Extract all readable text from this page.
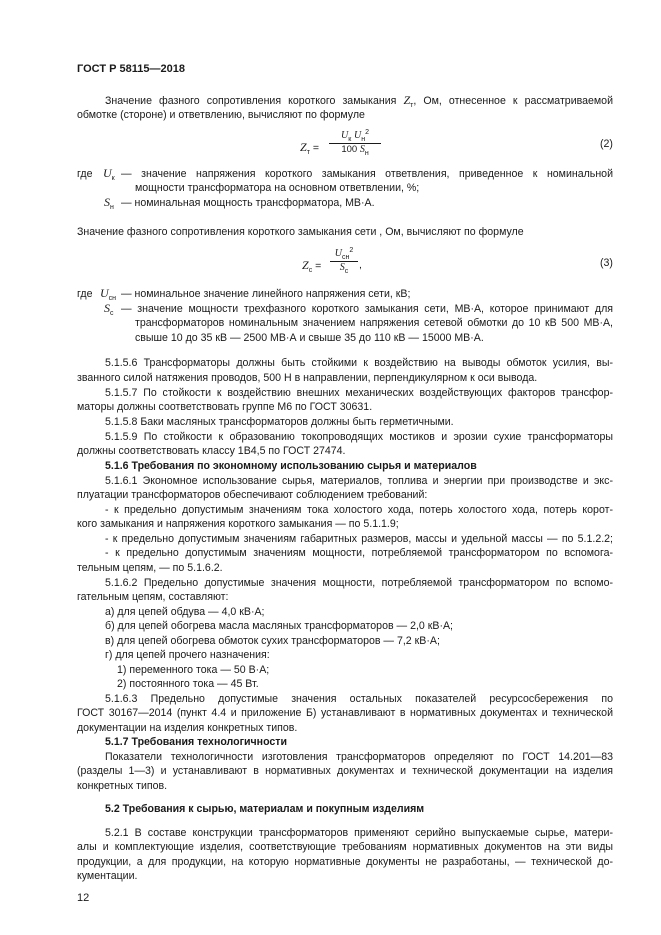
ГОСТ Р 58115—2018
Значение фазного сопротивления короткого замыкания $Z_т$, Ом, отнесенное к рассматриваемой
обмотке (стороне) и ответвлению, вычисляют по формуле
$Z_т$ =
$U_к$ $U_н^2$
100 $S_н$
(2)
где $U_к$ — значение напряжения короткого замыкания ответвления, приведенное к номинальной
мощности трансформатора на основном ответвлении, %;
$S_н$ — номинальная мощность трансформатора, МВ·А.
Значение фазного сопротивления короткого замыкания сети , Ом, вычисляют по формуле
$Z_с$ =
$U_{сн}^2$
$S_с$
,	(3)
где $U_{сн}$ — номинальное значение линейного напряжения сети, кВ;
$S_с$ — значение мощности трехфазного короткого замыкания сети, МВ·А, которое принимают для
трансформаторов номинальным значением напряжения сетевой обмотки до 10 кВ 500 МВ·А,
свыше 10 до 35 кВ — 2500 МВ·А и свыше 35 до 110 кВ — 15000 МВ·А.
5.1.5.6 Трансформаторы должны быть стойкими к воздействию на выводы обмоток усилия, вы-
званного силой натяжения проводов, 500 Н в направлении, перпендикулярном к оси вывода.
5.1.5.7 По стойкости к воздействию внешних механических воздействующих факторов трансфор-
маторы должны соответствовать группе М6 по ГОСТ 30631.
5.1.5.8 Баки масляных трансформаторов должны быть герметичными.
5.1.5.9 По стойкости к образованию токопроводящих мостиков и эрозии сухие трансформаторы
должны соответствовать классу 1В4,5 по ГОСТ 27474.
5.1.6 Требования по экономному использованию сырья и материалов
5.1.6.1 Экономное использование сырья, материалов, топлива и энергии при производстве и экс-
плуатации трансформаторов обеспечивают соблюдением требований:
- к предельно допустимым значениям тока холостого хода, потерь холостого хода, потерь корот-
кого замыкания и напряжения короткого замыкания — по 5.1.1.9;
- к предельно допустимым значениям габаритных размеров, массы и удельной массы — по 5.1.2.2;
- к предельно допустимым значениям мощности, потребляемой трансформатором по вспомога-
тельным цепям, — по 5.1.6.2.
5.1.6.2 Предельно допустимые значения мощности, потребляемой трансформатором по вспомо-
гательным цепям, составляют:
а) для цепей обдува — 4,0 кВ·А;
б) для цепей обогрева масла масляных трансформаторов — 2,0 кВ·А;
в) для цепей обогрева обмоток сухих трансформаторов — 7,2 кВ·А;
г) для цепей прочего назначения:
1) переменного тока — 50 В·А;
2) постоянного тока — 45 Вт.
5.1.6.3 Предельно допустимые значения остальных показателей ресурсосбережения по
ГОСТ 30167—2014 (пункт 4.4 и приложение Б) устанавливают в нормативных документах и технической
документации на изделия конкретных типов.
5.1.7 Требования технологичности
Показатели технологичности изготовления трансформаторов определяют по ГОСТ 14.201—83
(разделы 1—3) и устанавливают в нормативных документах и технической документации на изделия
конкретных типов.
5.2 Требования к сырью, материалам и покупным изделиям
5.2.1 В составе конструкции трансформаторов применяют серийно выпускаемые сырье, матери-
алы и комплектующие изделия, соответствующие требованиям нормативных документов на эти виды
продукции, а для продукции, на которую нормативные документы не разработаны, — технической до-
кументации.
12
